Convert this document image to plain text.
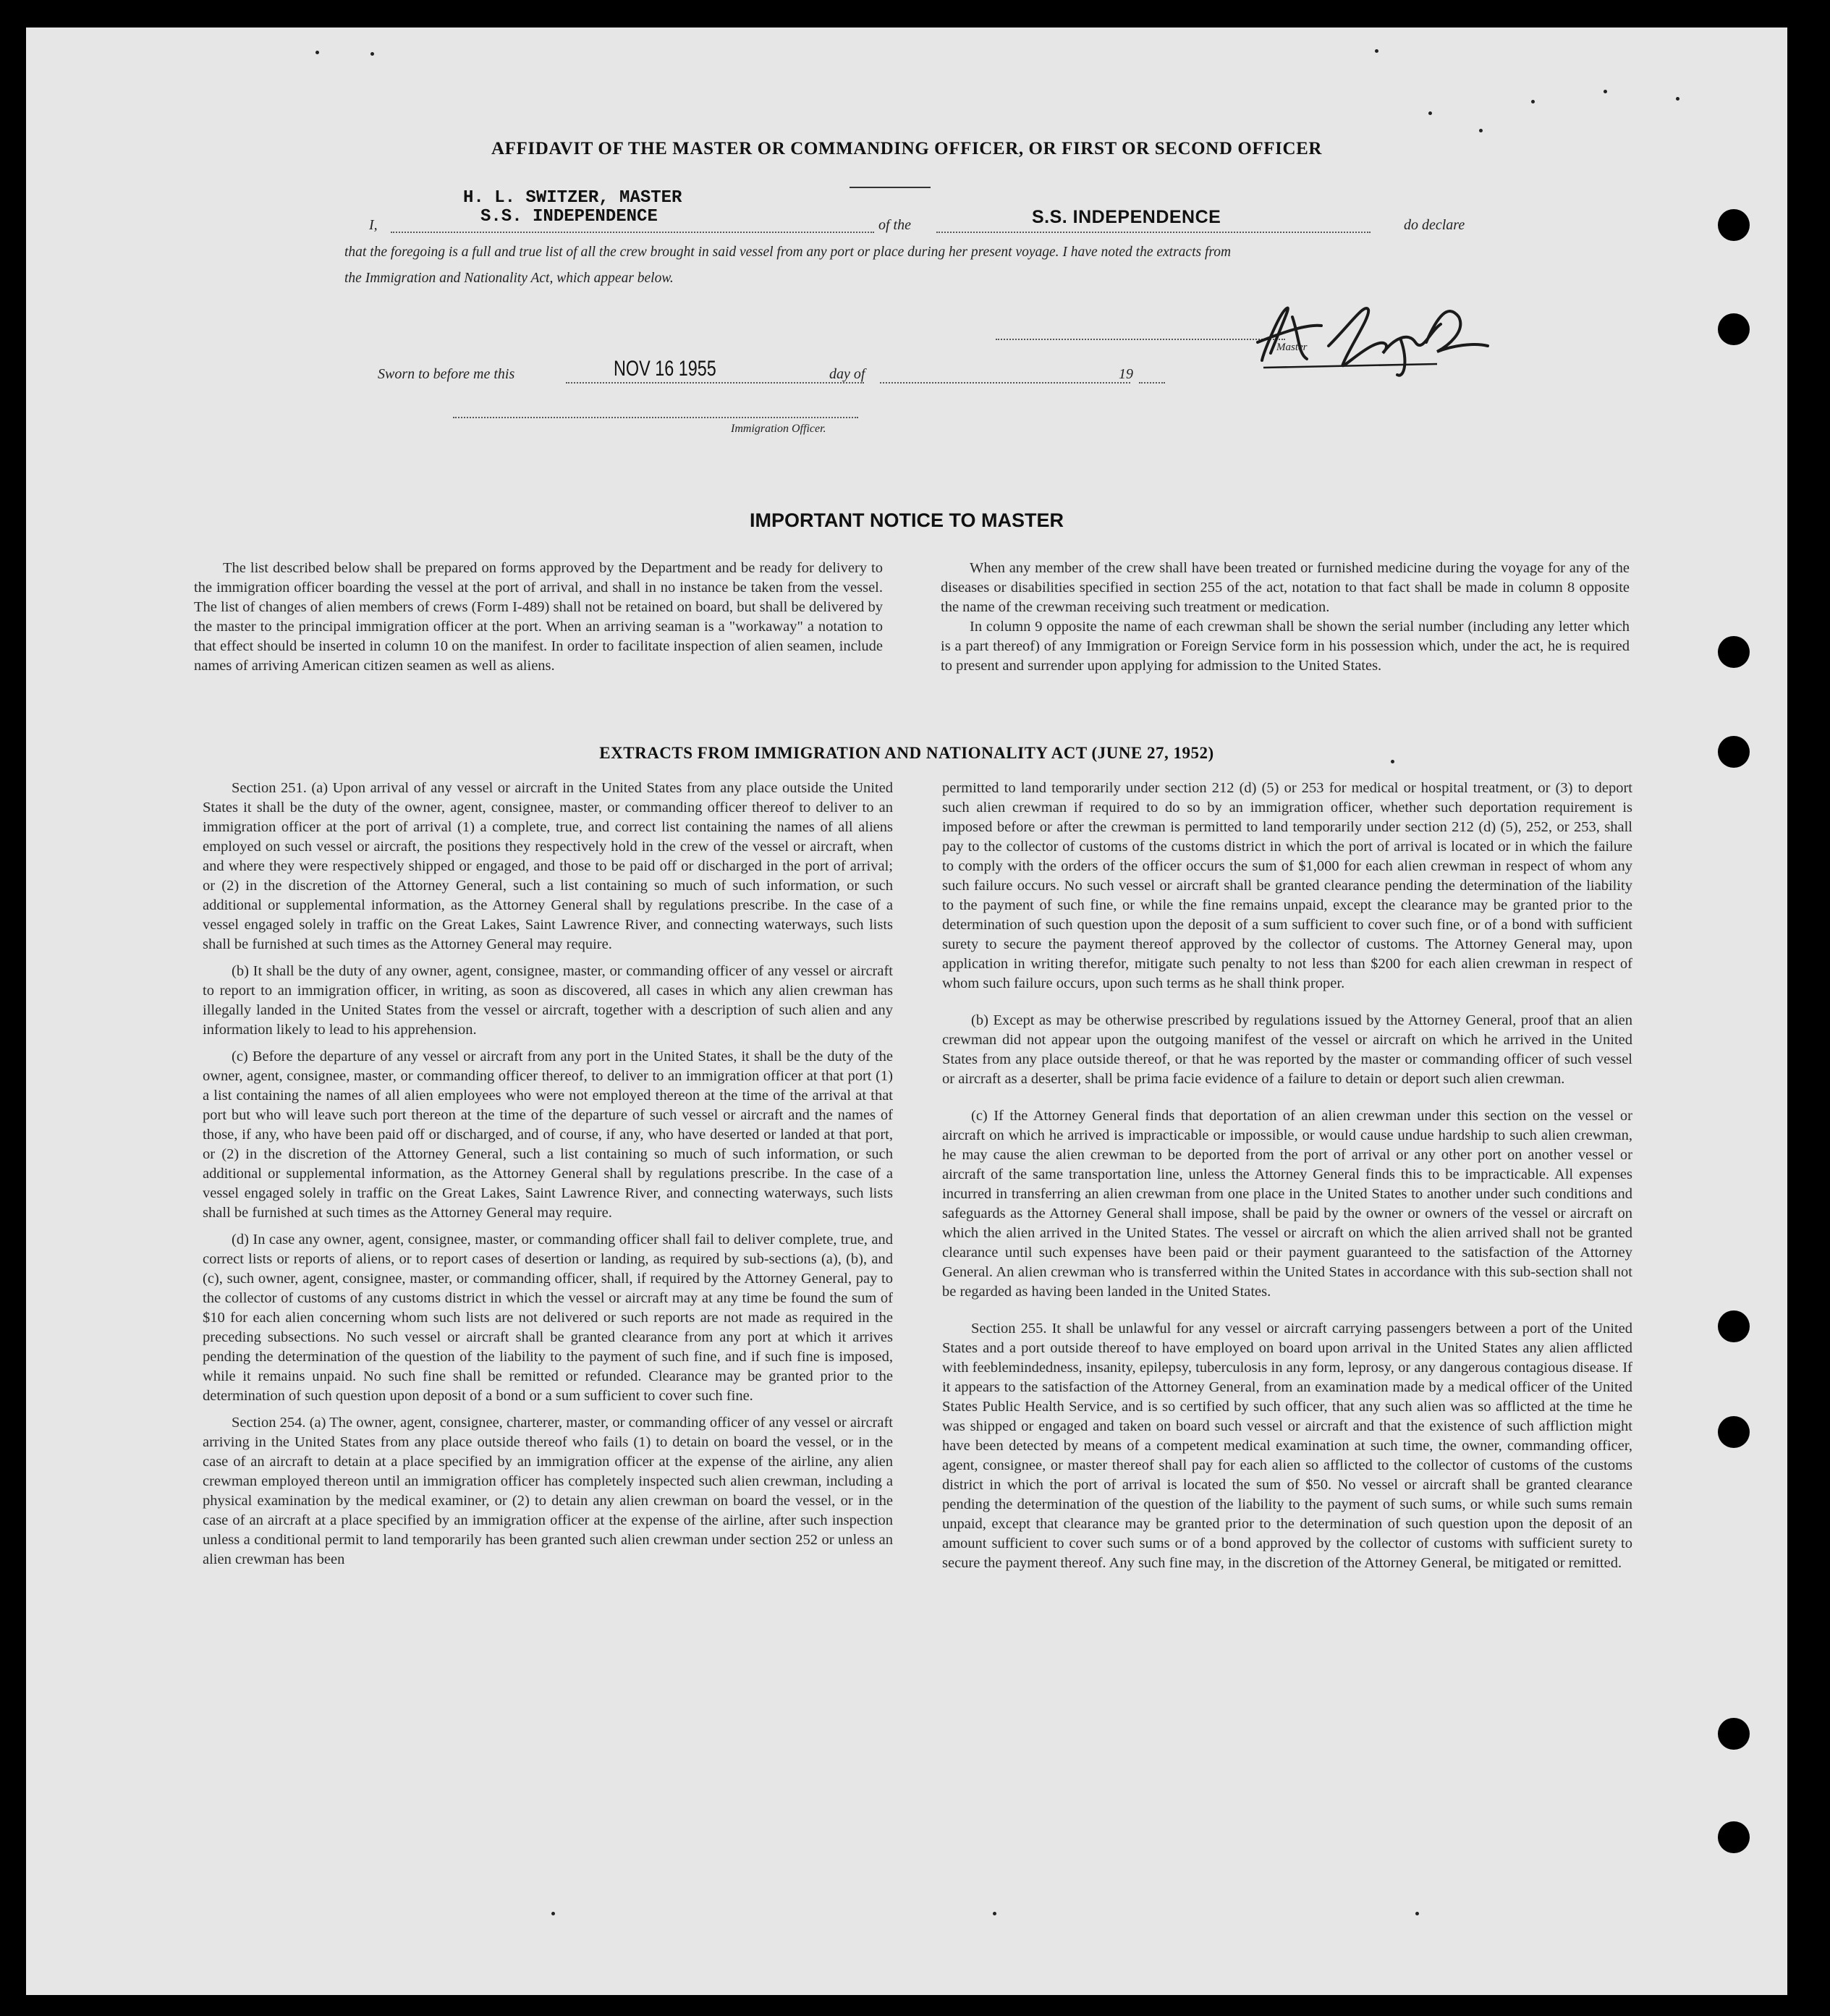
AFFIDAVIT OF THE MASTER OR COMMANDING OFFICER, OR FIRST OR SECOND OFFICER
H. L. SWITZER, MASTER
I,	S.S. INDEPENDENCE	of the	S.S. INDEPENDENCE	do declare
that the foregoing is a full and true list of all the crew brought in said vessel from any port or place during her present voyage. I have noted the extracts from
the Immigration and Nationality Act, which appear below.
Master
Sworn to before me this	NOV 16 1955	day of	19
Immigration Officer.
IMPORTANT NOTICE TO MASTER

The list described below shall be prepared on forms approved by the Department and be ready for delivery to the immigration officer boarding the vessel at the port of arrival, and shall in no instance be taken from the vessel. The list of changes of alien members of crews (Form I-489) shall not be retained on board, but shall be delivered by the master to the principal immigration officer at the port. When an arriving seaman is a "workaway" a notation to that effect should be inserted in column 10 on the manifest. In order to facilitate inspection of alien seamen, include names of arriving American citizen seamen as well as aliens.

When any member of the crew shall have been treated or furnished medicine during the voyage for any of the diseases or disabilities specified in section 255 of the act, notation to that fact shall be made in column 8 opposite the name of the crewman receiving such treatment or medication.

In column 9 opposite the name of each crewman shall be shown the serial number (including any letter which is a part thereof) of any Immigration or Foreign Service form in his possession which, under the act, he is required to present and surrender upon applying for admission to the United States.

EXTRACTS FROM IMMIGRATION AND NATIONALITY ACT (JUNE 27, 1952)

Section 251. (a) Upon arrival of any vessel or aircraft in the United States from any place outside the United States it shall be the duty of the owner, agent, consignee, master, or commanding officer thereof to deliver to an immigration officer at the port of arrival (1) a complete, true, and correct list containing the names of all aliens employed on such vessel or aircraft, the positions they respectively hold in the crew of the vessel or aircraft, when and where they were respectively shipped or engaged, and those to be paid off or discharged in the port of arrival; or (2) in the discretion of the Attorney General, such a list containing so much of such information, or such additional or supplemental information, as the Attorney General shall by regulations prescribe. In the case of a vessel engaged solely in traffic on the Great Lakes, Saint Lawrence River, and connecting waterways, such lists shall be furnished at such times as the Attorney General may require.

(b) It shall be the duty of any owner, agent, consignee, master, or commanding officer of any vessel or aircraft to report to an immigration officer, in writing, as soon as discovered, all cases in which any alien crewman has illegally landed in the United States from the vessel or aircraft, together with a description of such alien and any information likely to lead to his apprehension.

(c) Before the departure of any vessel or aircraft from any port in the United States, it shall be the duty of the owner, agent, consignee, master, or commanding officer thereof, to deliver to an immigration officer at that port (1) a list containing the names of all alien employees who were not employed thereon at the time of the arrival at that port but who will leave such port thereon at the time of the departure of such vessel or aircraft and the names of those, if any, who have been paid off or discharged, and of course, if any, who have deserted or landed at that port, or (2) in the discretion of the Attorney General, such a list containing so much of such information, or such additional or supplemental information, as the Attorney General shall by regulations prescribe. In the case of a vessel engaged solely in traffic on the Great Lakes, Saint Lawrence River, and connecting waterways, such lists shall be furnished at such times as the Attorney General may require.

(d) In case any owner, agent, consignee, master, or commanding officer shall fail to deliver complete, true, and correct lists or reports of aliens, or to report cases of desertion or landing, as required by sub-sections (a), (b), and (c), such owner, agent, consignee, master, or commanding officer, shall, if required by the Attorney General, pay to the collector of customs of any customs district in which the vessel or aircraft may at any time be found the sum of $10 for each alien concerning whom such lists are not delivered or such reports are not made as required in the preceding subsections. No such vessel or aircraft shall be granted clearance from any port at which it arrives pending the determination of the question of the liability to the payment of such fine, and if such fine is imposed, while it remains unpaid. No such fine shall be remitted or refunded. Clearance may be granted prior to the determination of such question upon deposit of a bond or a sum sufficient to cover such fine.

Section 254. (a) The owner, agent, consignee, charterer, master, or commanding officer of any vessel or aircraft arriving in the United States from any place outside thereof who fails (1) to detain on board the vessel, or in the case of an aircraft to detain at a place specified by an immigration officer at the expense of the airline, any alien crewman employed thereon until an immigration officer has completely inspected such alien crewman, including a physical examination by the medical examiner, or (2) to detain any alien crewman on board the vessel, or in the case of an aircraft at a place specified by an immigration officer at the expense of the airline, after such inspection unless a conditional permit to land temporarily has been granted such alien crewman under section 252 or unless an alien crewman has been

permitted to land temporarily under section 212 (d) (5) or 253 for medical or hospital treatment, or (3) to deport such alien crewman if required to do so by an immigration officer, whether such deportation requirement is imposed before or after the crewman is permitted to land temporarily under section 212 (d) (5), 252, or 253, shall pay to the collector of customs of the customs district in which the port of arrival is located or in which the failure to comply with the orders of the officer occurs the sum of $1,000 for each alien crewman in respect of whom any such failure occurs. No such vessel or aircraft shall be granted clearance pending the determination of the liability to the payment of such fine, or while the fine remains unpaid, except the clearance may be granted prior to the determination of such question upon the deposit of a sum sufficient to cover such fine, or of a bond with sufficient surety to secure the payment thereof approved by the collector of customs. The Attorney General may, upon application in writing therefor, mitigate such penalty to not less than $200 for each alien crewman in respect of whom such failure occurs, upon such terms as he shall think proper.

(b) Except as may be otherwise prescribed by regulations issued by the Attorney General, proof that an alien crewman did not appear upon the outgoing manifest of the vessel or aircraft on which he arrived in the United States from any place outside thereof, or that he was reported by the master or commanding officer of such vessel or aircraft as a deserter, shall be prima facie evidence of a failure to detain or deport such alien crewman.

(c) If the Attorney General finds that deportation of an alien crewman under this section on the vessel or aircraft on which he arrived is impracticable or impossible, or would cause undue hardship to such alien crewman, he may cause the alien crewman to be deported from the port of arrival or any other port on another vessel or aircraft of the same transportation line, unless the Attorney General finds this to be impracticable. All expenses incurred in transferring an alien crewman from one place in the United States to another under such conditions and safeguards as the Attorney General shall impose, shall be paid by the owner or owners of the vessel or aircraft on which the alien arrived in the United States. The vessel or aircraft on which the alien arrived shall not be granted clearance until such expenses have been paid or their payment guaranteed to the satisfaction of the Attorney General. An alien crewman who is transferred within the United States in accordance with this sub-section shall not be regarded as having been landed in the United States.

Section 255. It shall be unlawful for any vessel or aircraft carrying passengers between a port of the United States and a port outside thereof to have employed on board upon arrival in the United States any alien afflicted with feeblemindedness, insanity, epilepsy, tuberculosis in any form, leprosy, or any dangerous contagious disease. If it appears to the satisfaction of the Attorney General, from an examination made by a medical officer of the United States Public Health Service, and is so certified by such officer, that any such alien was so afflicted at the time he was shipped or engaged and taken on board such vessel or aircraft and that the existence of such affliction might have been detected by means of a competent medical examination at such time, the owner, commanding officer, agent, consignee, or master thereof shall pay for each alien so afflicted to the collector of customs of the customs district in which the port of arrival is located the sum of $50. No vessel or aircraft shall be granted clearance pending the determination of the question of the liability to the payment of such sums, or while such sums remain unpaid, except that clearance may be granted prior to the determination of such question upon the deposit of an amount sufficient to cover such sums or of a bond approved by the collector of customs with sufficient surety to secure the payment thereof. Any such fine may, in the discretion of the Attorney General, be mitigated or remitted.
